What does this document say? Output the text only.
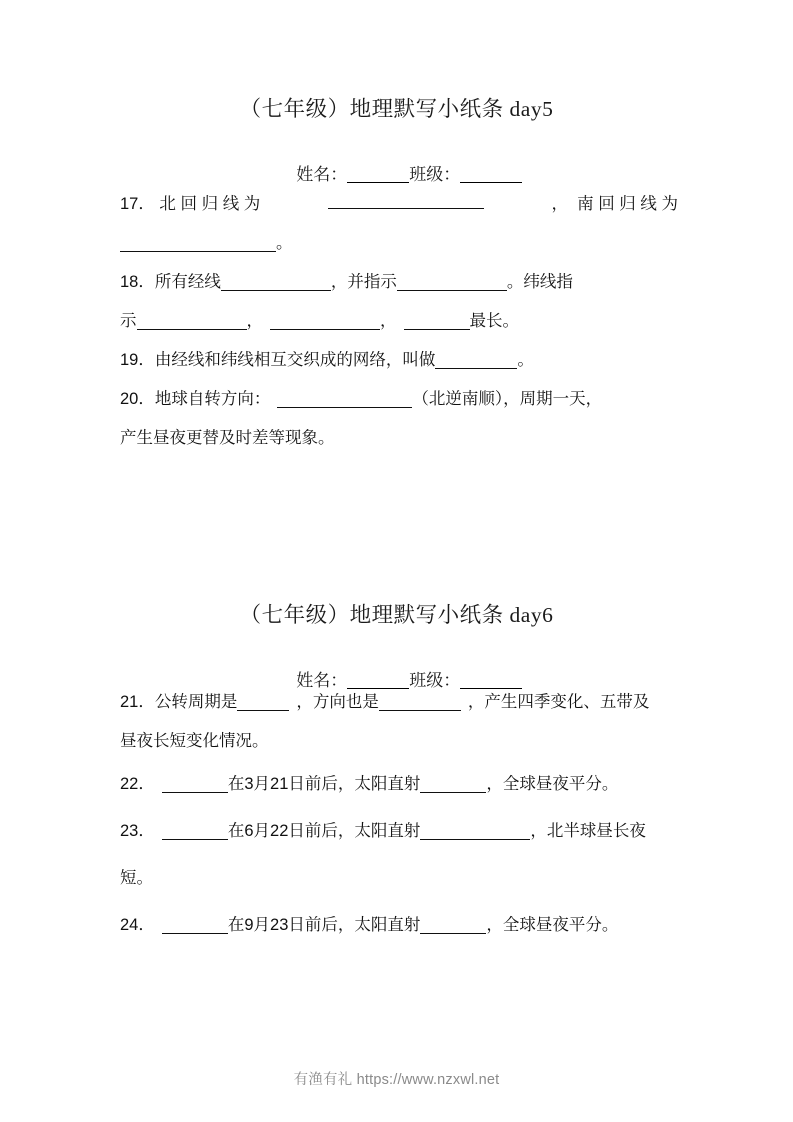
（七年级）地理默写小纸条 day5

姓名：	班级：

17． 北 回 归 线 为	，  南 回 归 线 为
。
18．所有经线	，并指示	。纬线指
示	，	，	最长。
19．由经线和纬线相互交织成的网络，叫做	。
20．地球自转方向：	（北逆南顺），周期一天，
产生昼夜更替及时差等现象。
（七年级）地理默写小纸条 day6

姓名：	班级：

21．公转周期是	，方向也是	，产生四季变化、五带及
昼夜长短变化情况。
22．	在3月21日前后，太阳直射	，全球昼夜平分。
23．	在6月22日前后，太阳直射	，北半球昼长夜
短。
24．	在9月23日前后，太阳直射	，全球昼夜平分。
有渔有礼 https://www.nzxwl.net
